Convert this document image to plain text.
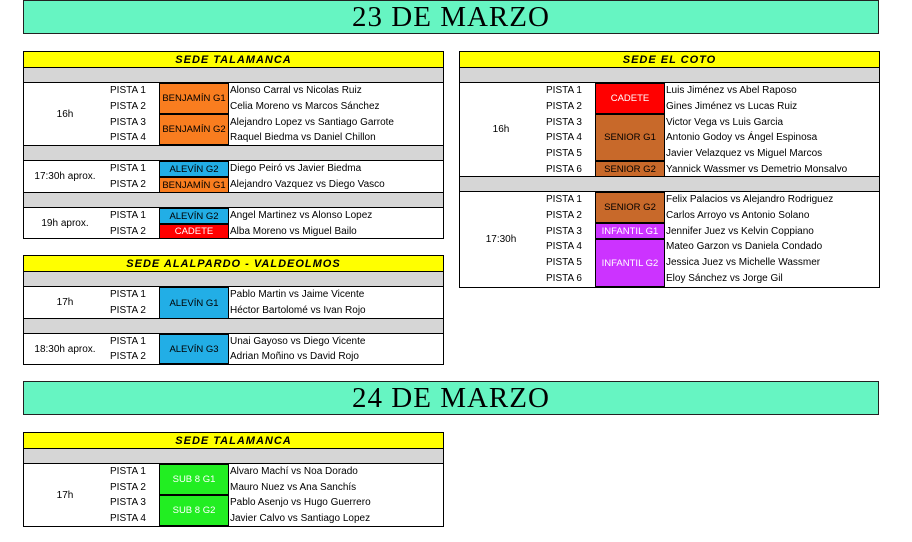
23 DE MARZO
SEDE TALAMANCA
16h
PISTA 1
PISTA 2
PISTA 3
PISTA 4
BENJAMÍN G1
BENJAMÍN G2
Alonso Carral vs Nicolas Ruiz
Celia Moreno vs Marcos Sánchez
Alejandro Lopez vs Santiago Garrote
Raquel Biedma vs Daniel Chillon
17:30h aprox.
PISTA 1
PISTA 2
ALEVÍN G2
BENJAMÍN G1
Diego Peiró vs Javier Biedma
Alejandro Vazquez vs Diego Vasco
19h aprox.
PISTA 1
PISTA 2
ALEVÍN G2
CADETE
Angel Martinez vs Alonso Lopez
Alba Moreno vs Miguel Bailo
SEDE ALALPARDO - VALDEOLMOS
17h
PISTA 1
PISTA 2
ALEVÍN G1
Pablo Martin vs Jaime Vicente
Héctor Bartolomé vs Ivan Rojo
18:30h aprox.
PISTA 1
PISTA 2
ALEVÍN G3
Unai Gayoso vs Diego Vicente
Adrian Moñino vs David Rojo
SEDE EL COTO
16h
PISTA 1
PISTA 2
PISTA 3
PISTA 4
PISTA 5
PISTA 6
CADETE
SENIOR G1
SENIOR G2
Luis Jiménez vs Abel Raposo
Gines Jiménez vs Lucas Ruiz
Victor Vega vs Luis Garcia
Antonio Godoy vs Ángel Espinosa
Javier Velazquez vs Miguel Marcos
Yannick Wassmer vs Demetrio Monsalvo
17:30h
PISTA 1
PISTA 2
PISTA 3
PISTA 4
PISTA 5
PISTA 6
SENIOR G2
INFANTIL G1
INFANTIL G2
Felix Palacios vs Alejandro Rodriguez
Carlos Arroyo vs Antonio Solano
Jennifer Juez vs Kelvin Coppiano
Mateo Garzon vs Daniela Condado
Jessica Juez vs Michelle Wassmer
Eloy Sánchez vs Jorge Gil
24 DE MARZO
SEDE TALAMANCA
17h
PISTA 1
PISTA 2
PISTA 3
PISTA 4
SUB 8 G1
SUB 8 G2
Alvaro Machí vs Noa Dorado
Mauro Nuez vs Ana Sanchís
Pablo Asenjo vs Hugo Guerrero
Javier Calvo vs Santiago Lopez
